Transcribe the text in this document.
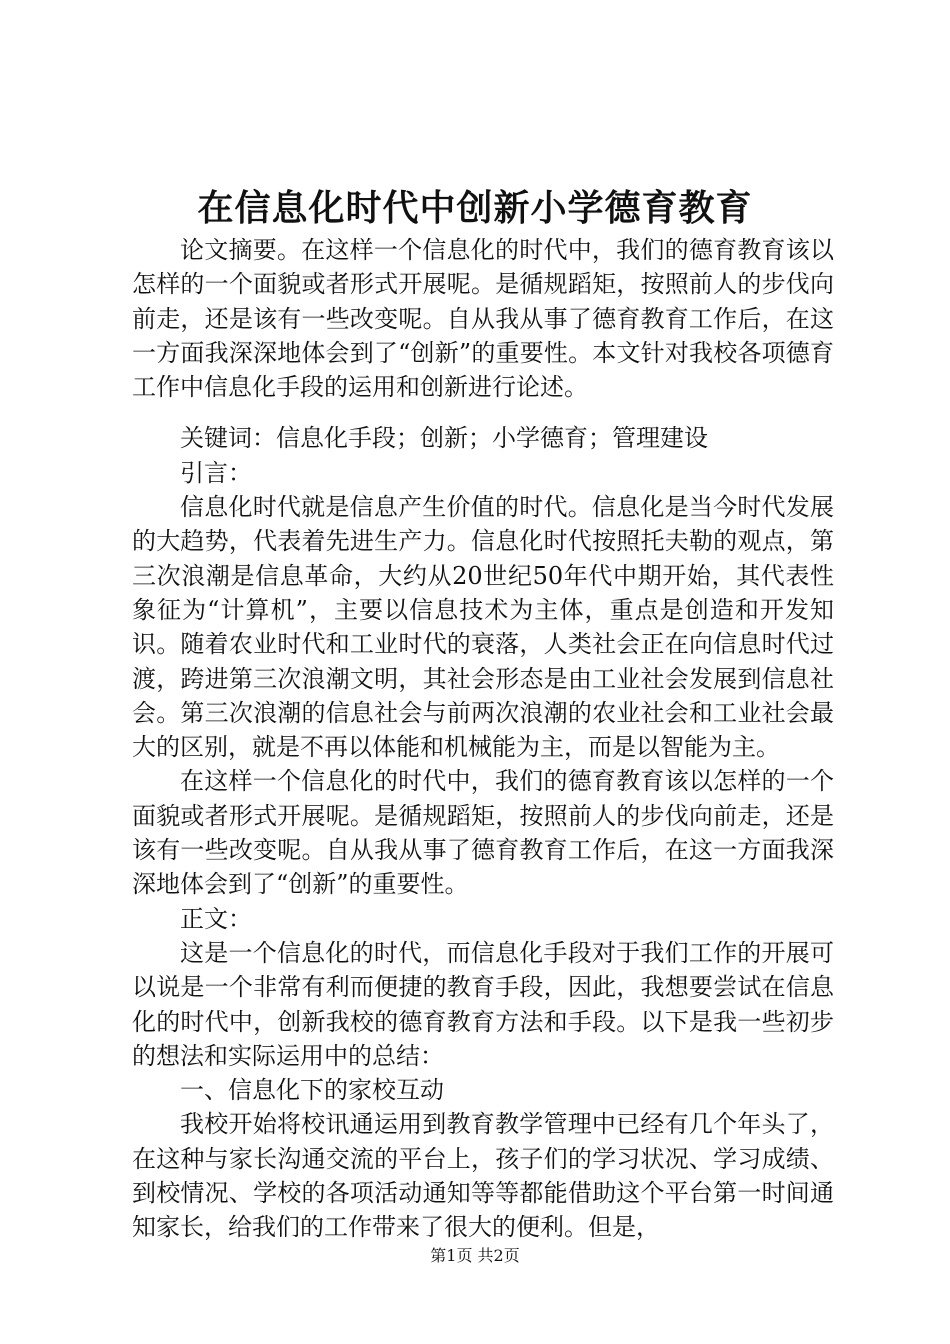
在信息化时代中创新小学德育教育

论文摘要。在这样一个信息化的时代中，我们的德育教育该以怎样的一个面貌或者形式开展呢。是循规蹈矩，按照前人的步伐向前走，还是该有一些改变呢。自从我从事了德育教育工作后，在这一方面我深深地体会到了“创新”的重要性。本文针对我校各项德育工作中信息化手段的运用和创新进行论述。

关键词：信息化手段；创新；小学德育；管理建设

引言：

信息化时代就是信息产生价值的时代。信息化是当今时代发展的大趋势，代表着先进生产力。信息化时代按照托夫勒的观点，第三次浪潮是信息革命，大约从20世纪50年代中期开始，其代表性象征为“计算机”，主要以信息技术为主体，重点是创造和开发知识。随着农业时代和工业时代的衰落，人类社会正在向信息时代过渡，跨进第三次浪潮文明，其社会形态是由工业社会发展到信息社会。第三次浪潮的信息社会与前两次浪潮的农业社会和工业社会最大的区别，就是不再以体能和机械能为主，而是以智能为主。

在这样一个信息化的时代中，我们的德育教育该以怎样的一个面貌或者形式开展呢。是循规蹈矩，按照前人的步伐向前走，还是该有一些改变呢。自从我从事了德育教育工作后，在这一方面我深深地体会到了“创新”的重要性。

正文：

这是一个信息化的时代，而信息化手段对于我们工作的开展可以说是一个非常有利而便捷的教育手段，因此，我想要尝试在信息化的时代中，创新我校的德育教育方法和手段。以下是我一些初步的想法和实际运用中的总结：

一、信息化下的家校互动

我校开始将校讯通运用到教育教学管理中已经有几个年头了，在这种与家长沟通交流的平台上，孩子们的学习状况、学习成绩、到校情况、学校的各项活动通知等等都能借助这个平台第一时间通知家长，给我们的工作带来了很大的便利。但是，

第1页 共2页
